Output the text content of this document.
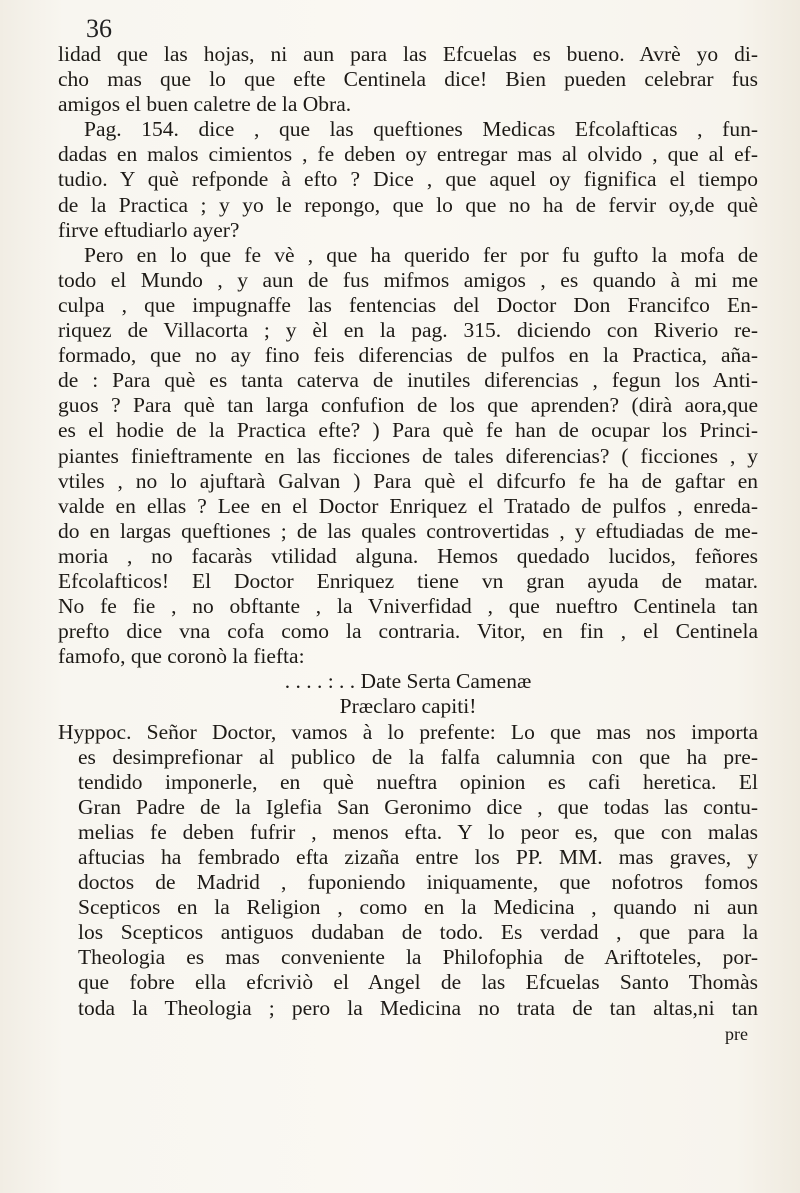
36
lidad que las hojas, ni aun para las Efcuelas es bueno. Avrè yo di-
cho mas que lo que efte Centinela dice! Bien pueden celebrar fus
amigos el buen caletre de la Obra.
Pag. 154. dice , que las queftiones Medicas Efcolafticas , fun-
dadas en malos cimientos , fe deben oy entregar mas al olvido , que al ef-
tudio. Y què refponde à efto ? Dice , que aquel oy fignifica el tiempo
de la Practica ; y yo le repongo, que lo que no ha de fervir oy,de què
firve eftudiarlo ayer?
Pero en lo que fe vè , que ha querido fer por fu gufto la mofa de
todo el Mundo , y aun de fus mifmos amigos , es quando à mi me
culpa , que impugnaffe las fentencias del Doctor Don Francifco En-
riquez de Villacorta ; y èl en la pag. 315. diciendo con Riverio re-
formado, que no ay fino feis diferencias de pulfos en la Practica, aña-
de : Para què es tanta caterva de inutiles diferencias , fegun los Anti-
guos ? Para què tan larga confufion de los que aprenden? (dirà aora,que
es el hodie de la Practica efte? ) Para què fe han de ocupar los Princi-
piantes finieftramente en las ficciones de tales diferencias? ( ficciones , y
vtiles , no lo ajuftarà Galvan ) Para què el difcurfo fe ha de gaftar en
valde en ellas ? Lee en el Doctor Enriquez el Tratado de pulfos , enreda-
do en largas queftiones ; de las quales controvertidas , y eftudiadas de me-
moria , no facaràs vtilidad alguna. Hemos quedado lucidos, feñores
Efcolafticos! El Doctor Enriquez tiene vn gran ayuda de matar.
No fe fie , no obftante , la Vniverfidad , que nueftro Centinela tan
prefto dice vna cofa como la contraria. Vitor, en fin , el Centinela
famofo, que coronò la fiefta:
. . . . : . . Date Serta Camenæ
Præclaro capiti!
Hyppoc. Señor Doctor, vamos à lo prefente: Lo que mas nos importa
es desimprefionar al publico de la falfa calumnia con que ha pre-
tendido imponerle, en què nueftra opinion es cafi heretica. El
Gran Padre de la Iglefia San Geronimo dice , que todas las contu-
melias fe deben fufrir , menos efta. Y lo peor es, que con malas
aftucias ha fembrado efta zizaña entre los PP. MM. mas graves, y
doctos de Madrid , fuponiendo iniquamente, que nofotros fomos
Scepticos en la Religion , como en la Medicina , quando ni aun
los Scepticos antiguos dudaban de todo. Es verdad , que para la
Theologia es mas conveniente la Philofophia de Ariftoteles, por-
que fobre ella efcriviò el Angel de las Efcuelas Santo Thomàs
toda la Theologia ; pero la Medicina no trata de tan altas,ni tan
pre
